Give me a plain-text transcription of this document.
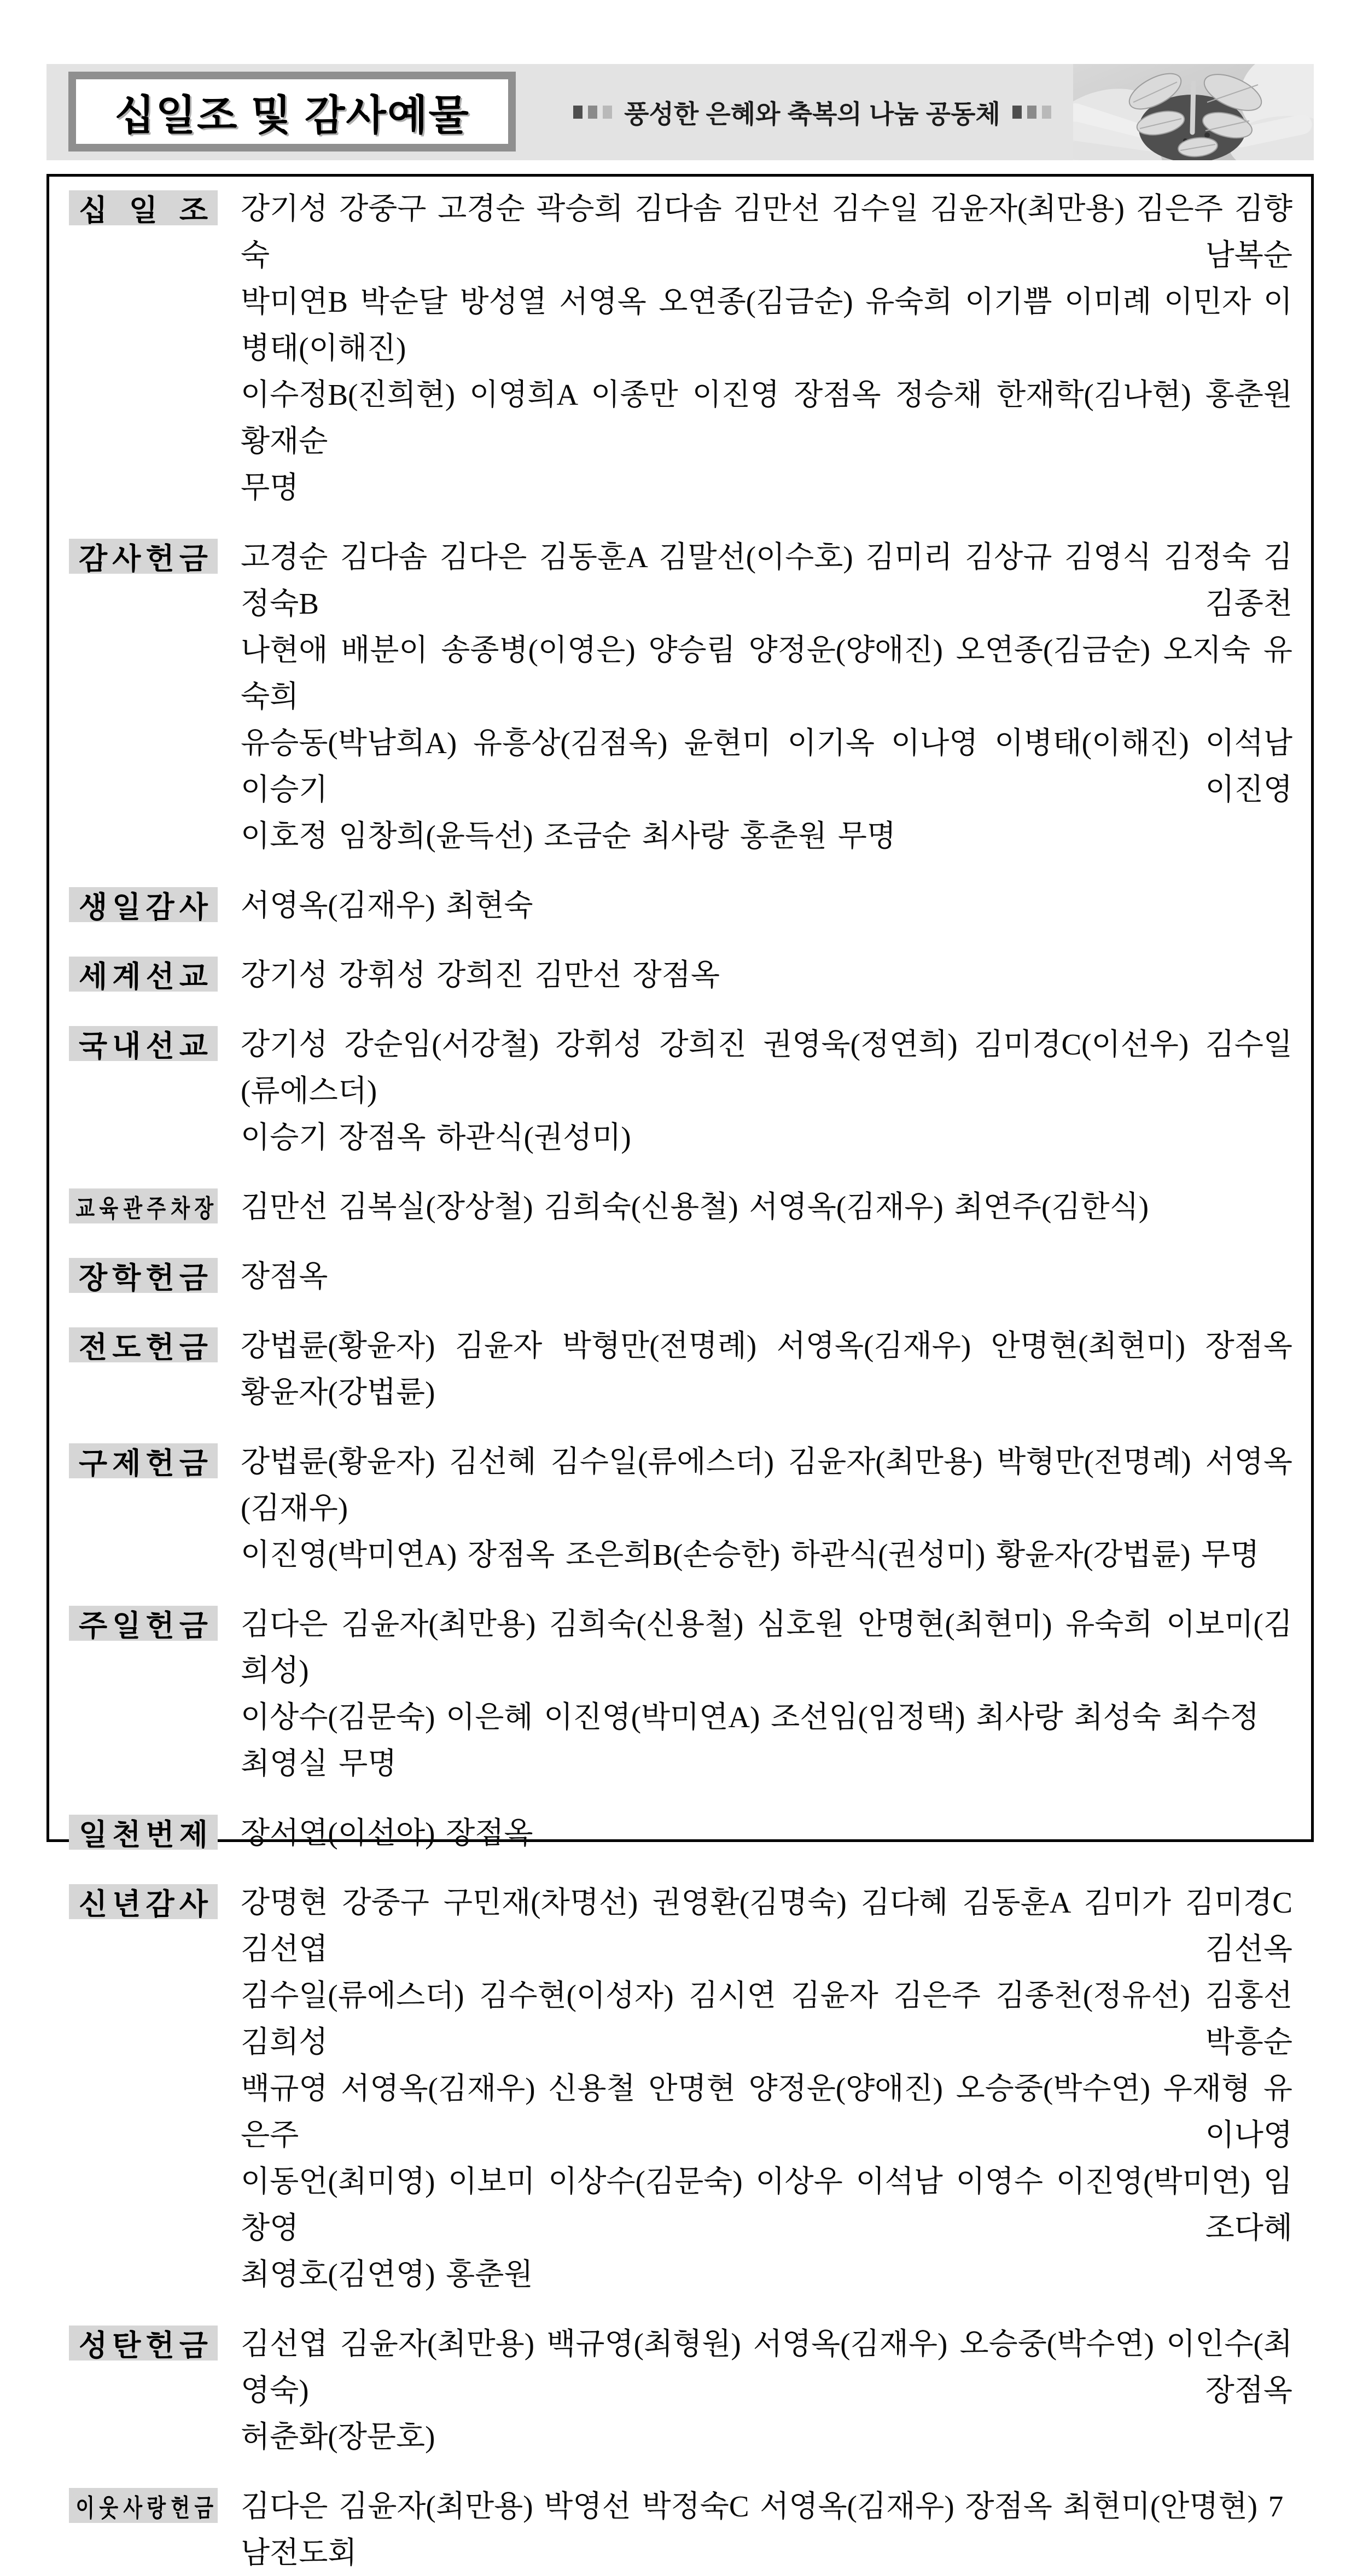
십일조 및 감사예물	풍성한 은혜와 축복의 나눔 공동체
십 일 조 강기성 강중구 고경순 곽승희 김다솜 김만선 김수일 김윤자(최만용) 김은주 김향숙 남복순
박미연B 박순달 방성열 서영옥 오연종(김금순) 유숙희 이기쁨 이미례 이민자 이병태(이해진)
이수정B(진희현) 이영희A 이종만 이진영 장점옥 정승채 한재학(김나현) 홍춘원 황재순
무명
감 사 헌 금 고경순 김다솜 김다은 김동훈A 김말선(이수호) 김미리 김상규 김영식 김정숙 김정숙B 김종천
나현애 배분이 송종병(이영은) 양승림 양정운(양애진) 오연종(김금순) 오지숙 유숙희
유승동(박남희A) 유흥상(김점옥) 윤현미 이기옥 이나영 이병태(이해진) 이석남 이승기 이진영
이호정 임창희(윤득선) 조금순 최사랑 홍춘원 무명
생 일 감 사 서영옥(김재우) 최현숙
세 계 선 교 강기성 강휘성 강희진 김만선 장점옥
국 내 선 교 강기성 강순임(서강철) 강휘성 강희진 권영욱(정연희) 김미경C(이선우) 김수일(류에스더)
이승기 장점옥 하관식(권성미)
교 육 관 주 차 장 김만선 김복실(장상철) 김희숙(신용철) 서영옥(김재우) 최연주(김한식)
장 학 헌 금 장점옥
전 도 헌 금 강법륜(황윤자) 김윤자 박형만(전명례) 서영옥(김재우) 안명현(최현미) 장점옥
황윤자(강법륜)
구 제 헌 금 강법륜(황윤자) 김선혜 김수일(류에스더) 김윤자(최만용) 박형만(전명례) 서영옥(김재우)
이진영(박미연A) 장점옥 조은희B(손승한) 하관식(권성미) 황윤자(강법륜) 무명
주 일 헌 금 김다은 김윤자(최만용) 김희숙(신용철) 심호원 안명현(최현미) 유숙희 이보미(김희성)
이상수(김문숙) 이은혜 이진영(박미연A) 조선임(임정택) 최사랑 최성숙 최수정 최영실 무명
일 천 번 제 장서연(이선아) 장점옥
신 년 감 사 강명현 강중구 구민재(차명선) 권영환(김명숙) 김다혜 김동훈A 김미가 김미경C 김선엽 김선옥
김수일(류에스더) 김수현(이성자) 김시연 김윤자 김은주 김종천(정유선) 김홍선 김희성 박흥순
백규영 서영옥(김재우) 신용철 안명현 양정운(양애진) 오승중(박수연) 우재형 유은주 이나영
이동언(최미영) 이보미 이상수(김문숙) 이상우 이석남 이영수 이진영(박미연) 임창영 조다혜
최영호(김연영) 홍춘원
성 탄 헌 금 김선엽 김윤자(최만용) 백규영(최형원) 서영옥(김재우) 오승중(박수연) 이인수(최영숙) 장점옥
허춘화(장문호)
이 웃 사 랑 헌 금 김다은 김윤자(최만용) 박영선 박정숙C 서영옥(김재우) 장점옥 최현미(안명현) 7남전도회
